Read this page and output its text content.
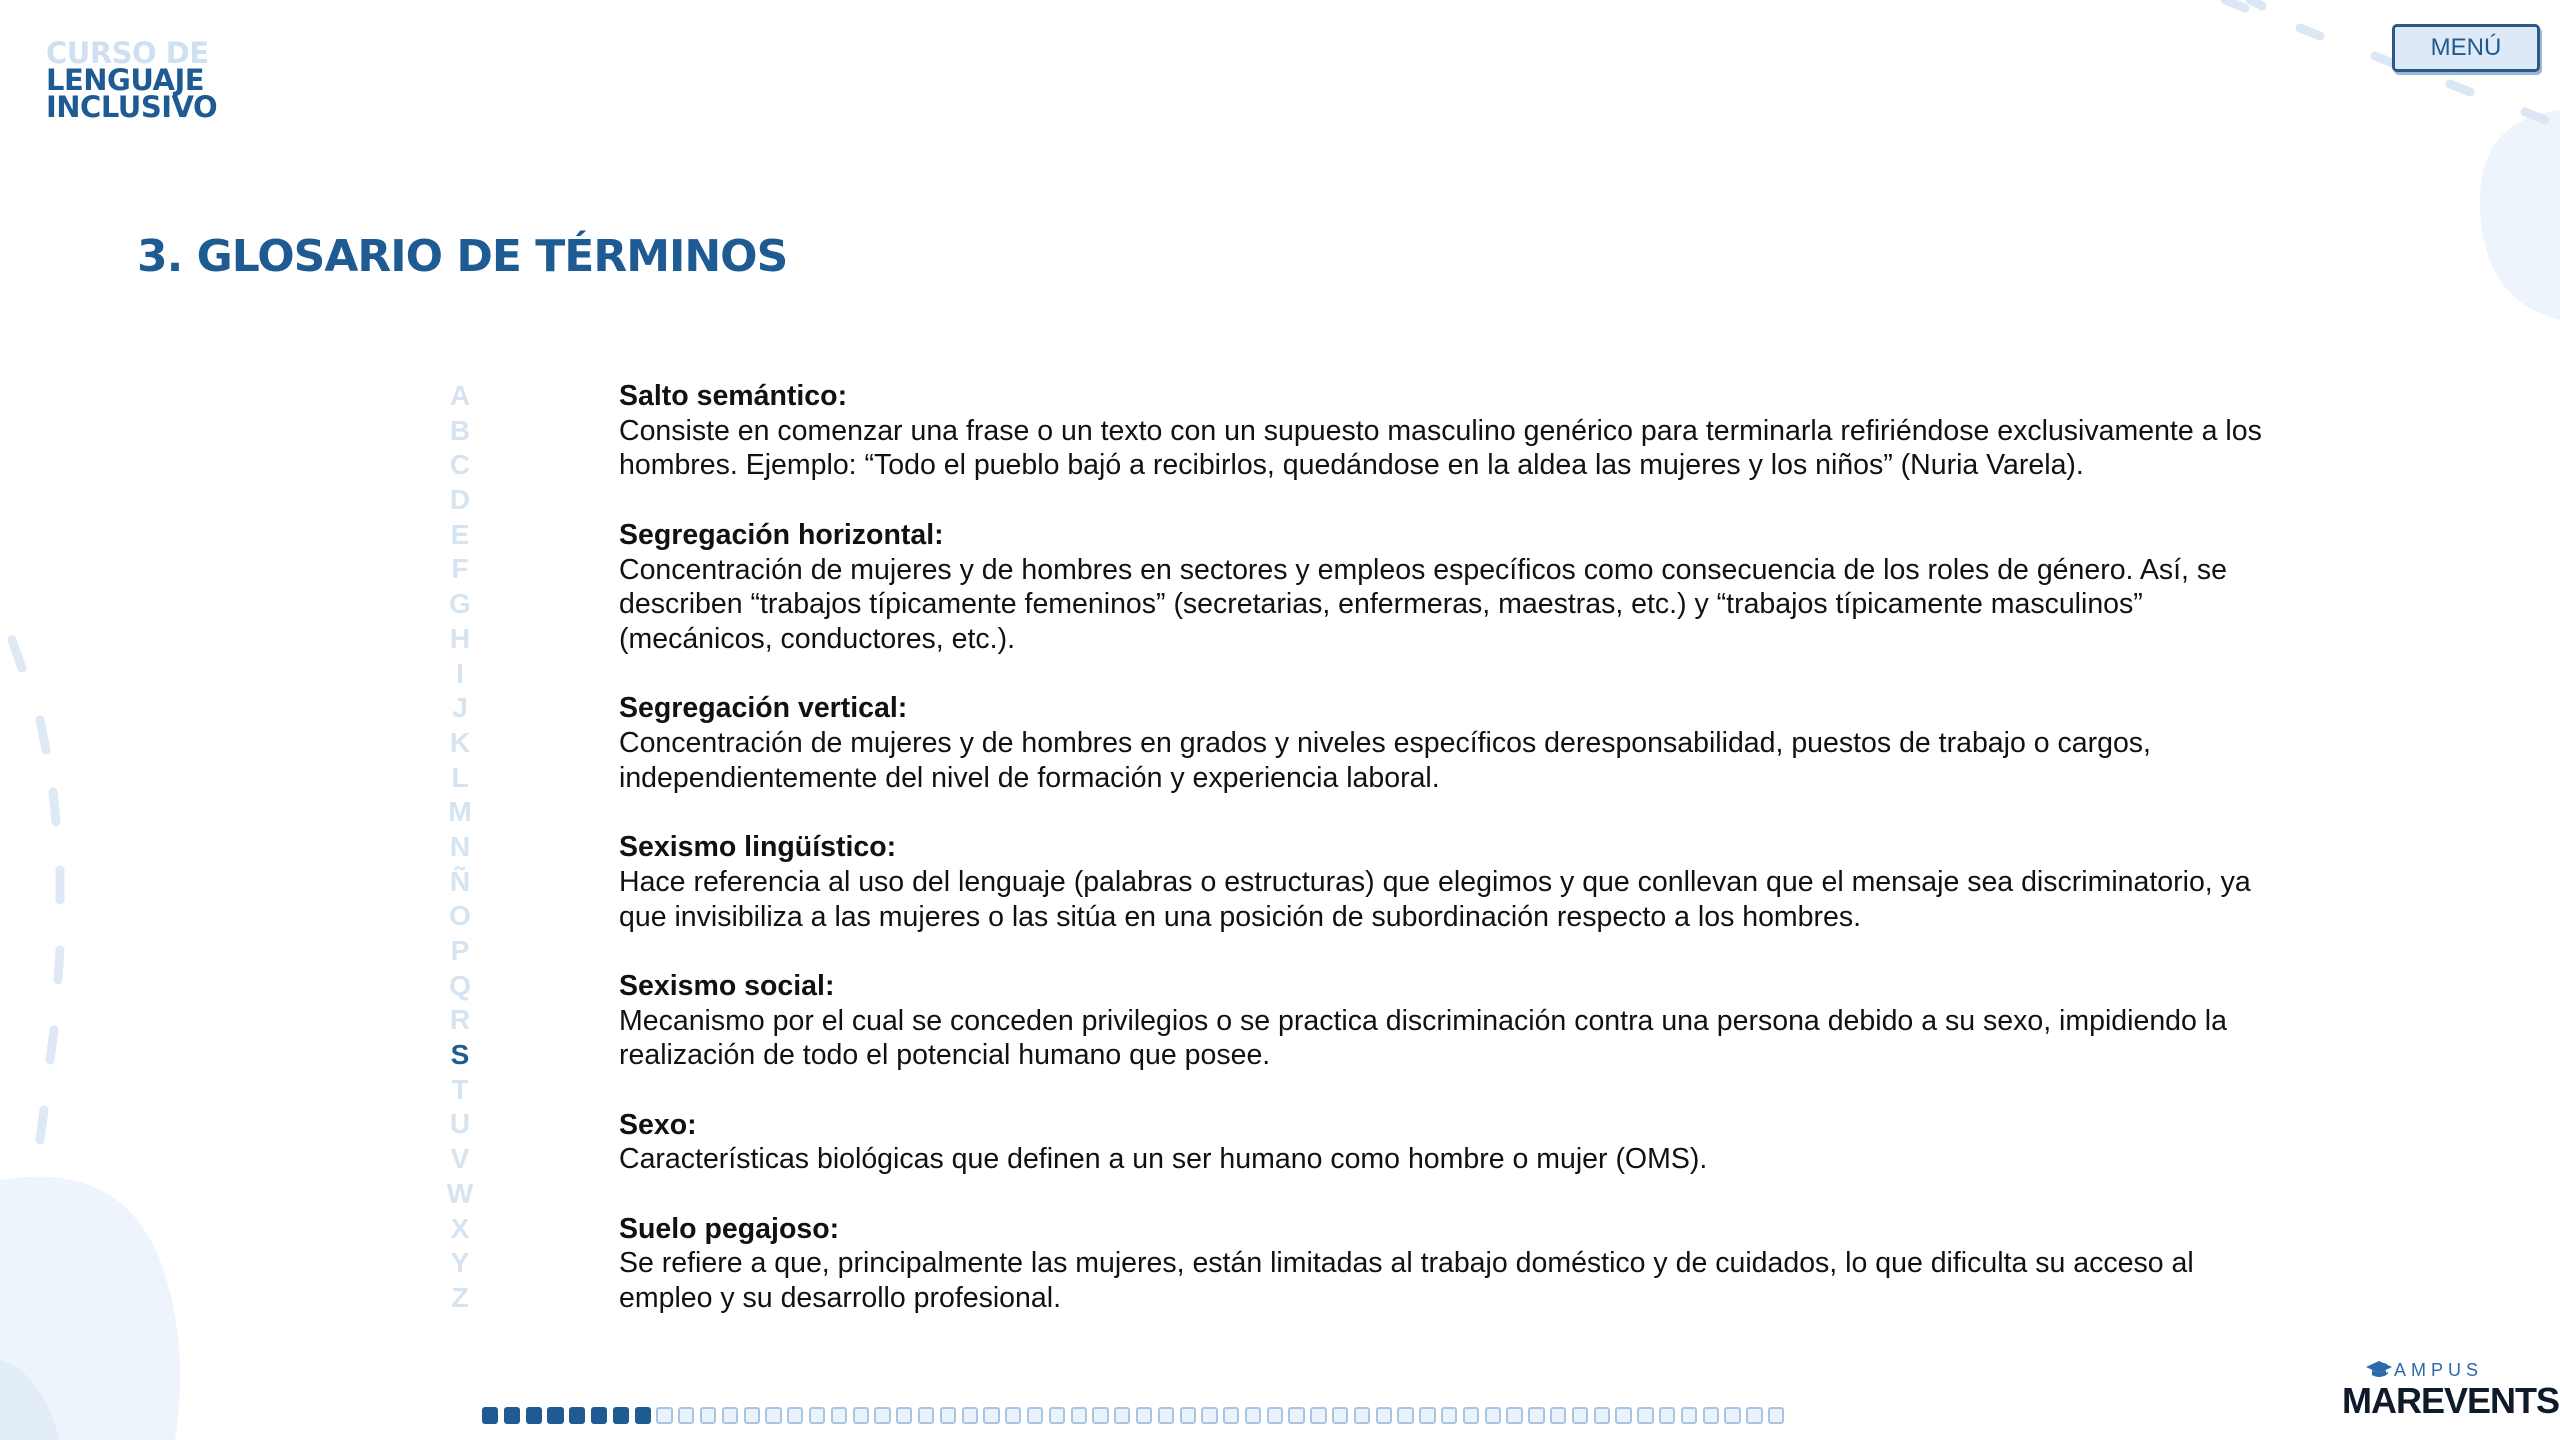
CURSO DE
LENGUAJE
INCLUSIVO
MENÚ
3. GLOSARIO DE TÉRMINOS
A
B
C
D
E
F
G
H
I
J
K
L
M
N
Ñ
O
P
Q
R
S
T
U
V
W
X
Y
Z
Salto semántico:
Consiste en comenzar una frase o un texto con un supuesto masculino genérico para terminarla refiriéndose exclusivamente a los hombres. Ejemplo: “Todo el pueblo bajó a recibirlos, quedándose en la aldea las mujeres y los niños” (Nuria Varela).
Segregación horizontal:
Concentración de mujeres y de hombres en sectores y empleos específicos como consecuencia de los roles de género. Así, se describen “trabajos típicamente femeninos” (secretarias, enfermeras, maestras, etc.) y “trabajos típicamente masculinos” (mecánicos, conductores, etc.).
Segregación vertical:
Concentración de mujeres y de hombres en grados y niveles específicos deresponsabilidad, puestos de trabajo o cargos, independientemente del nivel de formación y experiencia laboral.
Sexismo lingüístico:
Hace referencia al uso del lenguaje (palabras o estructuras) que elegimos y que conllevan que el mensaje sea discriminatorio, ya que invisibiliza a las mujeres o las sitúa en una posición de subordinación respecto a los hombres.
Sexismo social:
Mecanismo por el cual se conceden privilegios o se practica discriminación contra una persona debido a su sexo, impidiendo la realización de todo el potencial humano que posee.
Sexo:
Características biológicas que definen a un ser humano como hombre o mujer (OMS).
Suelo pegajoso:
Se refiere a que, principalmente las mujeres, están limitadas al trabajo doméstico y de cuidados, lo que dificulta su acceso al empleo y su desarrollo profesional.
CAMPUS
MAREVENTS
